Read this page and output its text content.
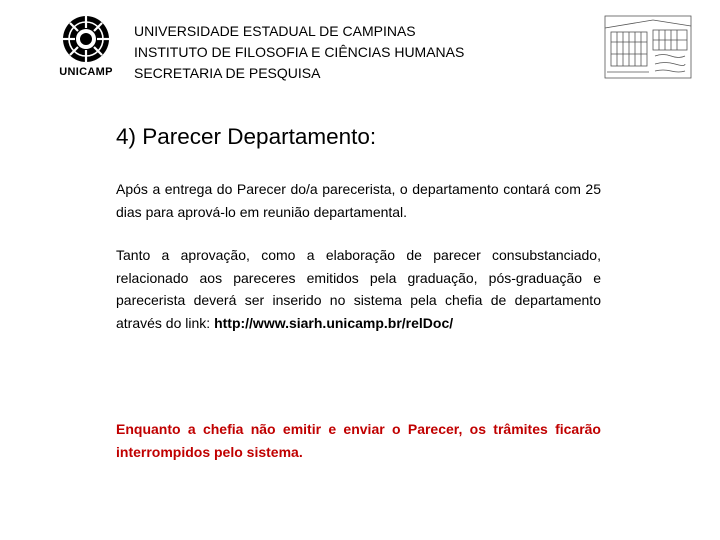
UNICAMP
UNIVERSIDADE ESTADUAL DE CAMPINAS
INSTITUTO DE FILOSOFIA E CIÊNCIAS HUMANAS
SECRETARIA DE PESQUISA
4) Parecer Departamento:
Após a entrega do Parecer do/a parecerista, o departamento contará com 25 dias para aprová-lo em reunião departamental.
Tanto a aprovação, como a elaboração de parecer consubstanciado, relacionado aos pareceres emitidos pela graduação, pós-graduação e parecerista deverá ser inserido no sistema pela chefia de departamento através do link: http://www.siarh.unicamp.br/relDoc/
Enquanto a chefia não emitir e enviar o Parecer, os trâmites ficarão interrompidos pelo sistema.
